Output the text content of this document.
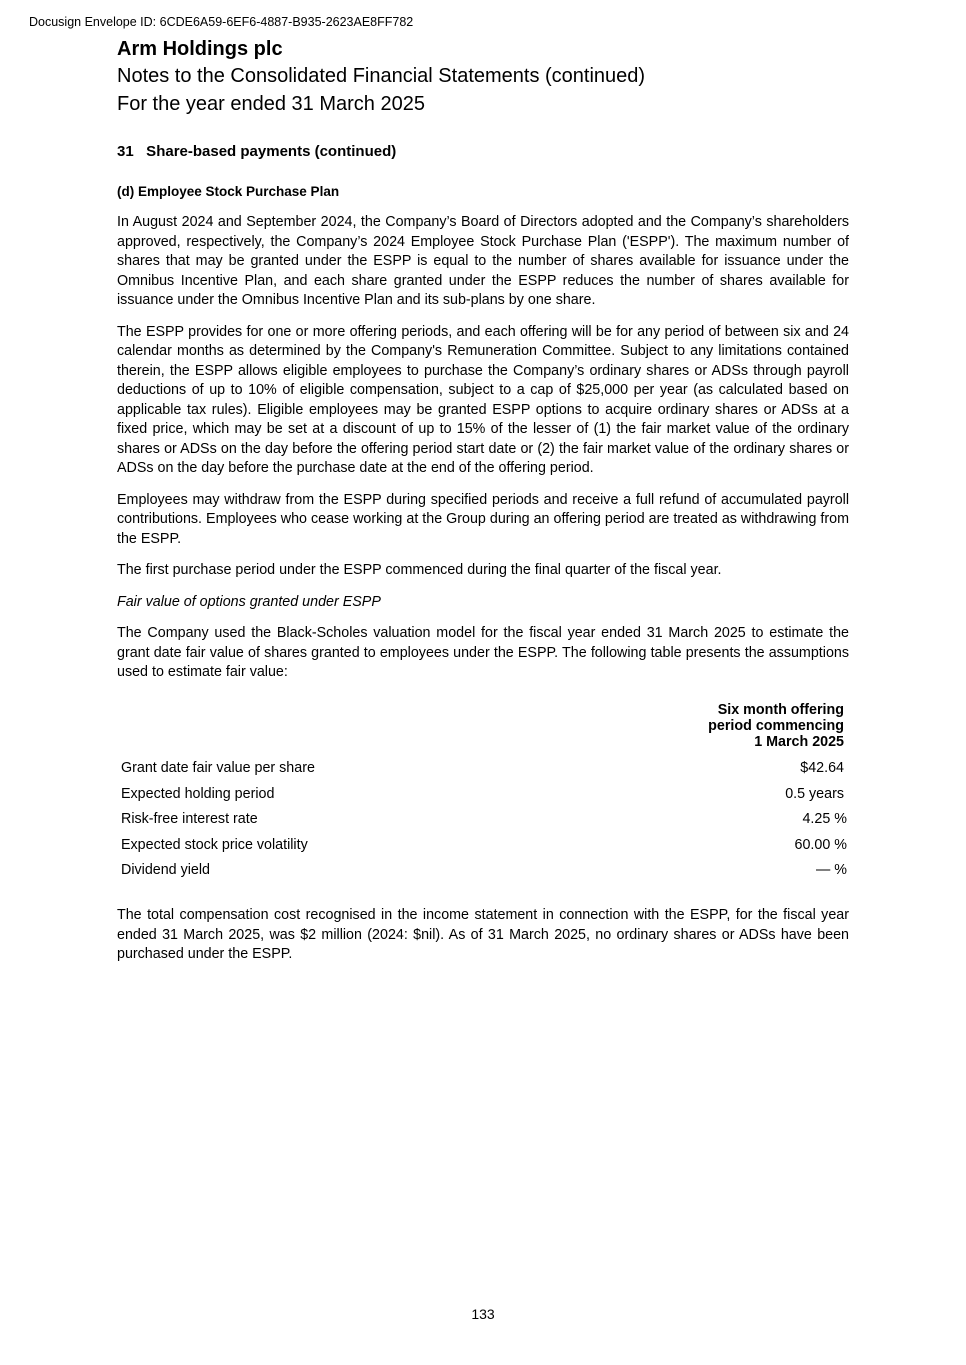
Docusign Envelope ID: 6CDE6A59-6EF6-4887-B935-2623AE8FF782
Arm Holdings plc
Notes to the Consolidated Financial Statements (continued)
For the year ended 31 March 2025
31   Share-based payments (continued)
(d) Employee Stock Purchase Plan

In August 2024 and September 2024, the Company’s Board of Directors adopted and the Company’s shareholders approved, respectively, the Company’s 2024 Employee Stock Purchase Plan ('ESPP'). The maximum number of shares that may be granted under the ESPP is equal to the number of shares available for issuance under the Omnibus Incentive Plan, and each share granted under the ESPP reduces the number of shares available for issuance under the Omnibus Incentive Plan and its sub-plans by one share.

The ESPP provides for one or more offering periods, and each offering will be for any period of between six and 24 calendar months as determined by the Company's Remuneration Committee. Subject to any limitations contained therein, the ESPP allows eligible employees to purchase the Company’s ordinary shares or ADSs through payroll deductions of up to 10% of eligible compensation, subject to a cap of $25,000 per year (as calculated based on applicable tax rules). Eligible employees may be granted ESPP options to acquire ordinary shares or ADSs at a fixed price, which may be set at a discount of up to 15% of the lesser of (1) the fair market value of the ordinary shares or ADSs on the day before the offering period start date or (2) the fair market value of the ordinary shares or ADSs on the day before the purchase date at the end of the offering period.

Employees may withdraw from the ESPP during specified periods and receive a full refund of accumulated payroll contributions. Employees who cease working at the Group during an offering period are treated as withdrawing from the ESPP.

The first purchase period under the ESPP commenced during the final quarter of the fiscal year.

Fair value of options granted under ESPP

The Company used the Black-Scholes valuation model for the fiscal year ended 31 March 2025 to estimate the grant date fair value of shares granted to employees under the ESPP. The following table presents the assumptions used to estimate fair value:

	Six month offering
period commencing
1 March 2025

Grant date fair value per share	$42.64
Expected holding period	0.5 years
Risk-free interest rate	4.25 %
Expected stock price volatility	60.00 %
Dividend yield	— %

The total compensation cost recognised in the income statement in connection with the ESPP, for the fiscal year ended 31 March 2025, was $2 million (2024: $nil). As of 31 March 2025, no ordinary shares or ADSs have been purchased under the ESPP.

133
